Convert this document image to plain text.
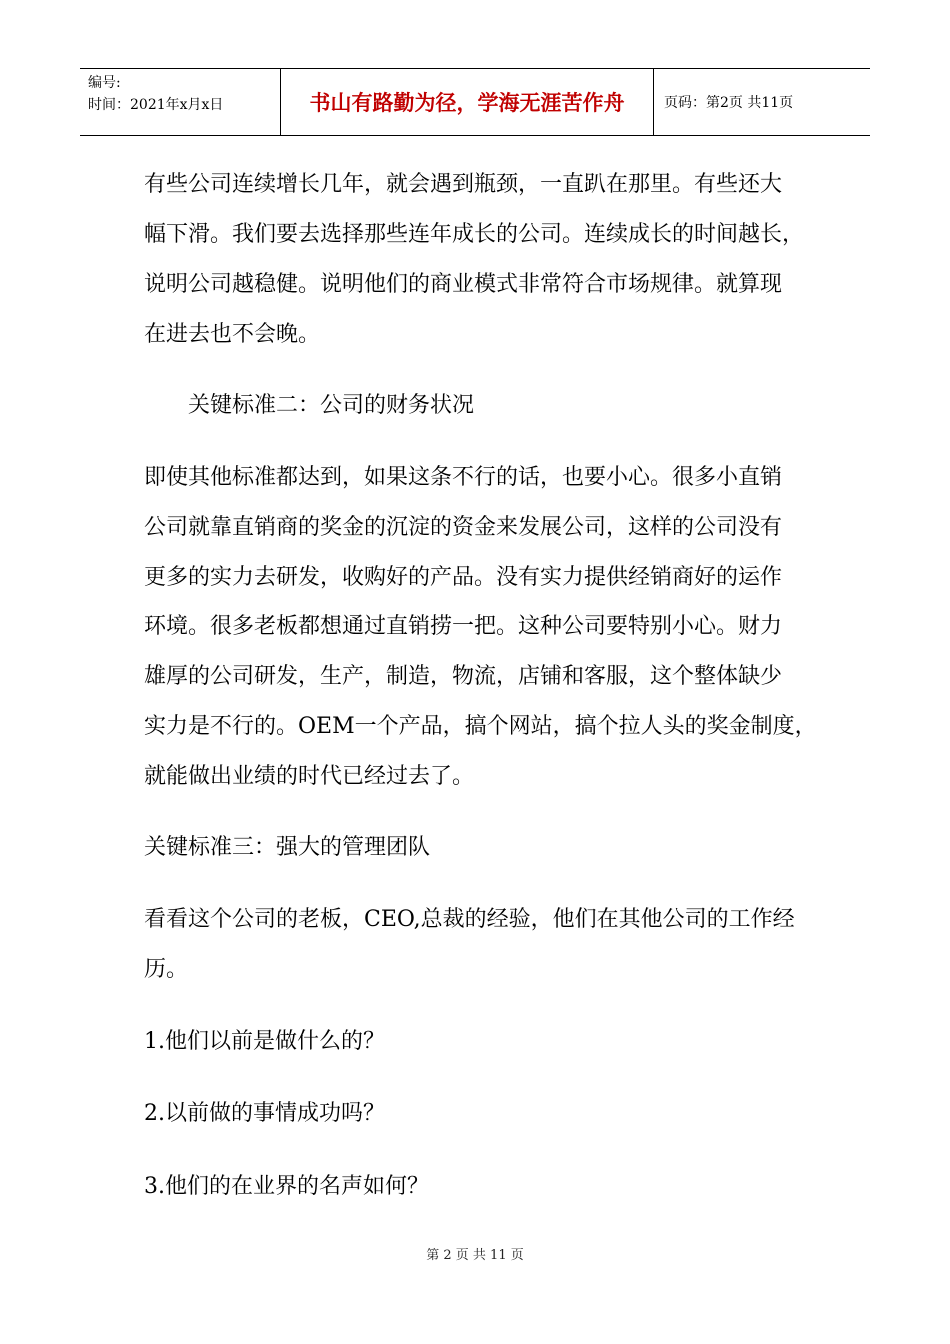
编号:
时间：2021年x月x日	书山有路勤为径，学海无涯苦作舟	页码：第2页 共11页
有些公司连续增长几年，就会遇到瓶颈，一直趴在那里。有些还大
幅下滑。我们要去选择那些连年成长的公司。连续成长的时间越长，
说明公司越稳健。说明他们的商业模式非常符合市场规律。就算现
在进去也不会晚。
关键标准二：公司的财务状况
即使其他标准都达到，如果这条不行的话，也要小心。很多小直销
公司就靠直销商的奖金的沉淀的资金来发展公司，这样的公司没有
更多的实力去研发，收购好的产品。没有实力提供经销商好的运作
环境。很多老板都想通过直销捞一把。这种公司要特别小心。财力
雄厚的公司研发，生产，制造，物流，店铺和客服，这个整体缺少
实力是不行的。OEM一个产品，搞个网站，搞个拉人头的奖金制度，
就能做出业绩的时代已经过去了。
关键标准三：强大的管理团队
看看这个公司的老板，CEO,总裁的经验，他们在其他公司的工作经
历。
1.他们以前是做什么的？
2.以前做的事情成功吗？
3.他们的在业界的名声如何？
第 2 页 共 11 页
